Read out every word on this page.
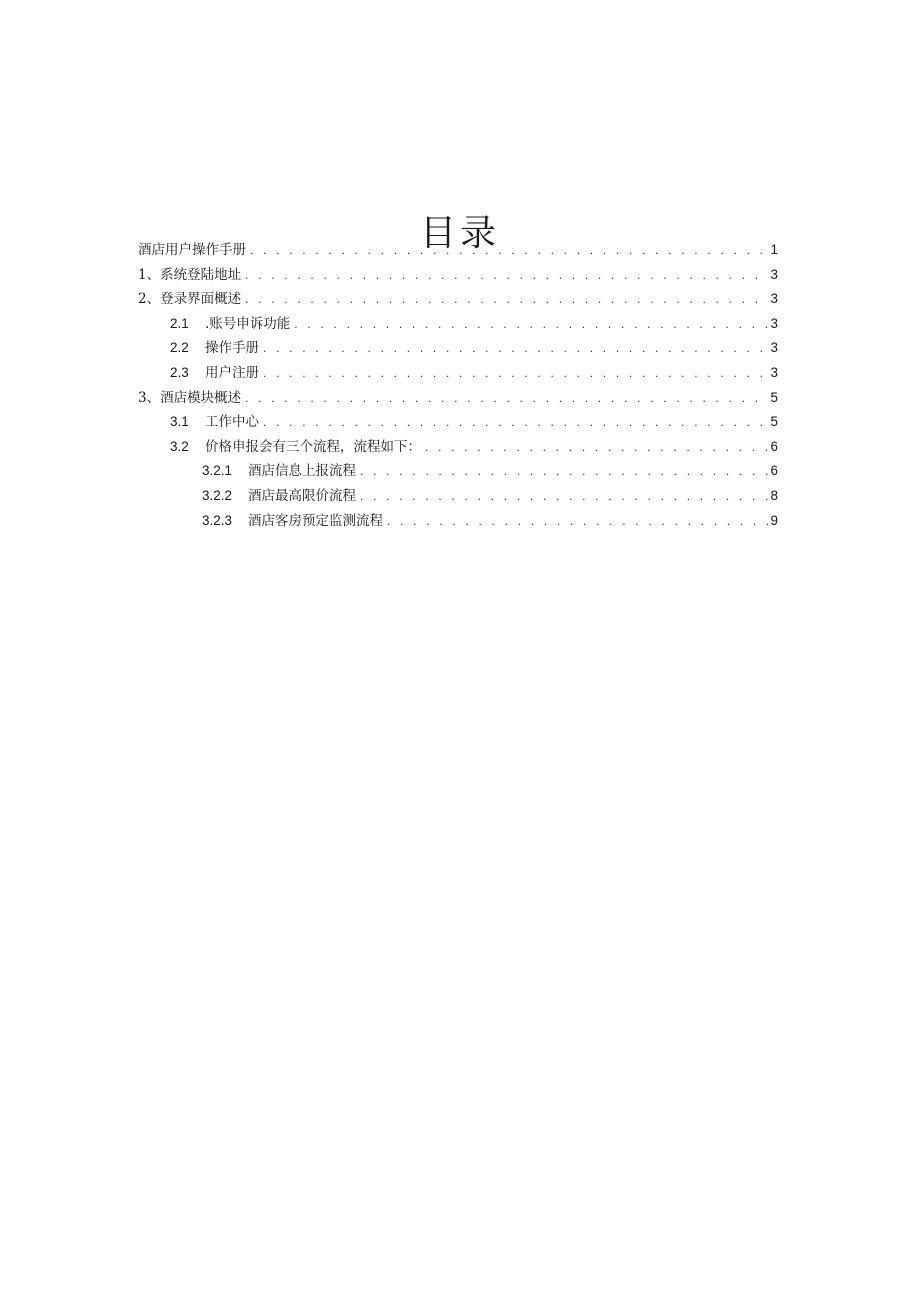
目录
酒店用户操作手册 . . .	1
1、系统登陆地址 . . .	3
2、登录界面概述 . . .	3
2.1	.账号申诉功能 . . .	3
2.2	操作手册 . . .	3
2.3	用户注册 . . .	3
3、酒店模块概述 . . .	5
3.1	工作中心 . . .	5
3.2	价格申报会有三个流程，流程如下： . . .	6
3.2.1	酒店信息上报流程 . . .	6
3.2.2	酒店最高限价流程 . . .	8
3.2.3	酒店客房预定监测流程 . . .	9
